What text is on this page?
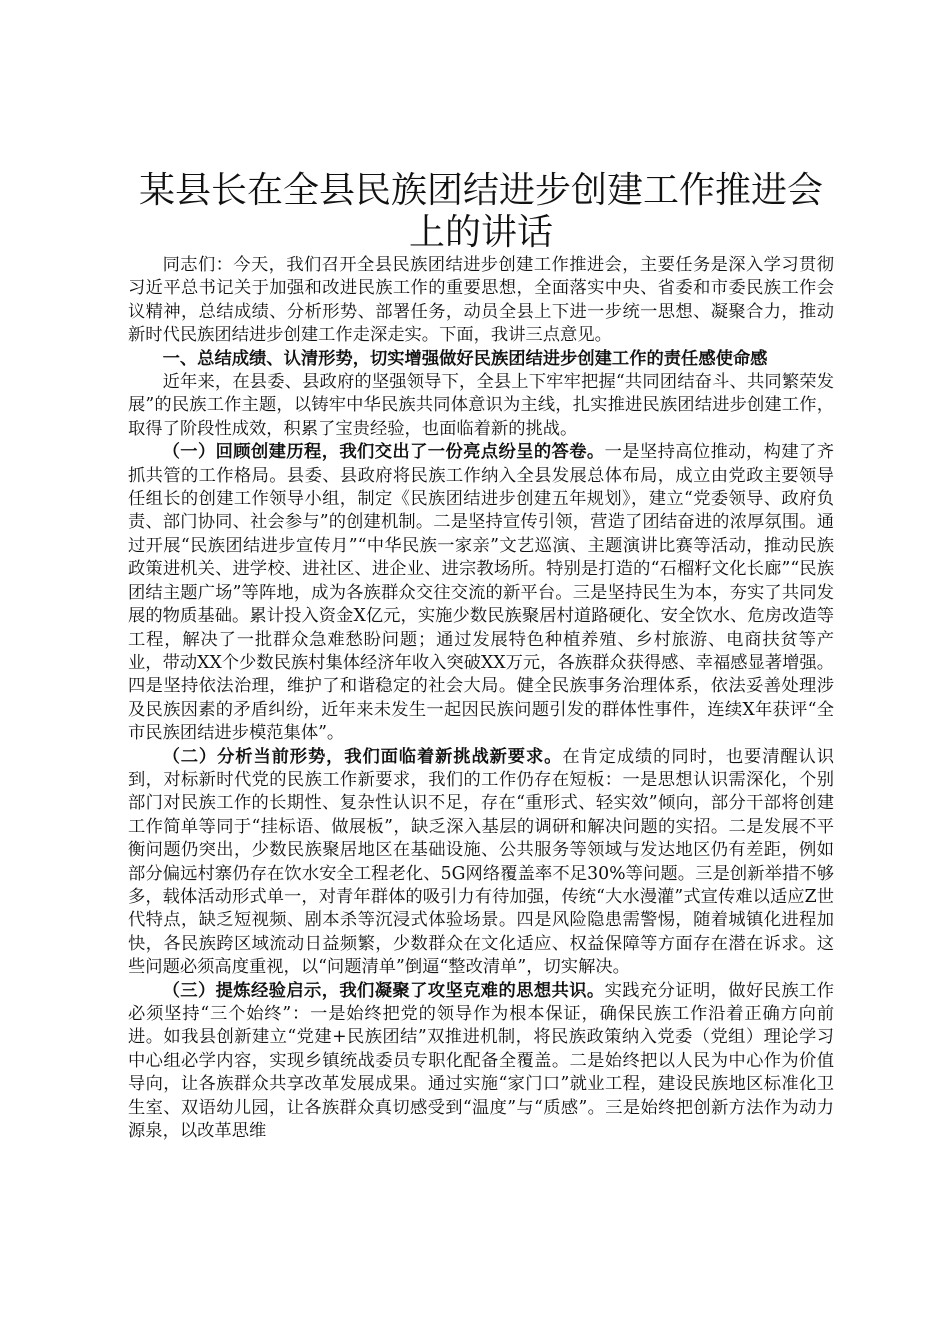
某县长在全县民族团结进步创建工作推进会上的讲话

同志们：今天，我们召开全县民族团结进步创建工作推进会，主要任务是深入学习贯彻习近平总书记关于加强和改进民族工作的重要思想，全面落实中央、省委和市委民族工作会议精神，总结成绩、分析形势、部署任务，动员全县上下进一步统一思想、凝聚合力，推动新时代民族团结进步创建工作走深走实。下面，我讲三点意见。

一、总结成绩、认清形势，切实增强做好民族团结进步创建工作的责任感使命感

近年来，在县委、县政府的坚强领导下，全县上下牢牢把握“共同团结奋斗、共同繁荣发展”的民族工作主题，以铸牢中华民族共同体意识为主线，扎实推进民族团结进步创建工作，取得了阶段性成效，积累了宝贵经验，也面临着新的挑战。

（一）回顾创建历程，我们交出了一份亮点纷呈的答卷。一是坚持高位推动，构建了齐抓共管的工作格局。县委、县政府将民族工作纳入全县发展总体布局，成立由党政主要领导任组长的创建工作领导小组，制定《民族团结进步创建五年规划》，建立“党委领导、政府负责、部门协同、社会参与”的创建机制。二是坚持宣传引领，营造了团结奋进的浓厚氛围。通过开展“民族团结进步宣传月”“中华民族一家亲”文艺巡演、主题演讲比赛等活动，推动民族政策进机关、进学校、进社区、进企业、进宗教场所。特别是打造的“石榴籽文化长廊”“民族团结主题广场”等阵地，成为各族群众交往交流的新平台。三是坚持民生为本，夯实了共同发展的物质基础。累计投入资金X亿元，实施少数民族聚居村道路硬化、安全饮水、危房改造等工程，解决了一批群众急难愁盼问题；通过发展特色种植养殖、乡村旅游、电商扶贫等产业，带动XX个少数民族村集体经济年收入突破XX万元，各族群众获得感、幸福感显著增强。四是坚持依法治理，维护了和谐稳定的社会大局。健全民族事务治理体系，依法妥善处理涉及民族因素的矛盾纠纷，近年来未发生一起因民族问题引发的群体性事件，连续X年获评“全市民族团结进步模范集体”。

（二）分析当前形势，我们面临着新挑战新要求。在肯定成绩的同时，也要清醒认识到，对标新时代党的民族工作新要求，我们的工作仍存在短板：一是思想认识需深化，个别部门对民族工作的长期性、复杂性认识不足，存在“重形式、轻实效”倾向，部分干部将创建工作简单等同于“挂标语、做展板”，缺乏深入基层的调研和解决问题的实招。二是发展不平衡问题仍突出，少数民族聚居地区在基础设施、公共服务等领域与发达地区仍有差距，例如部分偏远村寨仍存在饮水安全工程老化、5G网络覆盖率不足30%等问题。三是创新举措不够多，载体活动形式单一，对青年群体的吸引力有待加强，传统“大水漫灌”式宣传难以适应Z世代特点，缺乏短视频、剧本杀等沉浸式体验场景。四是风险隐患需警惕，随着城镇化进程加快，各民族跨区域流动日益频繁，少数群众在文化适应、权益保障等方面存在潜在诉求。这些问题必须高度重视，以“问题清单”倒逼“整改清单”，切实解决。

（三）提炼经验启示，我们凝聚了攻坚克难的思想共识。实践充分证明，做好民族工作必须坚持“三个始终”：一是始终把党的领导作为根本保证，确保民族工作沿着正确方向前进。如我县创新建立“党建+民族团结”双推进机制，将民族政策纳入党委（党组）理论学习中心组必学内容，实现乡镇统战委员专职化配备全覆盖。二是始终把以人民为中心作为价值导向，让各族群众共享改革发展成果。通过实施“家门口”就业工程，建设民族地区标准化卫生室、双语幼儿园，让各族群众真切感受到“温度”与“质感”。三是始终把创新方法作为动力源泉，以改革思维
